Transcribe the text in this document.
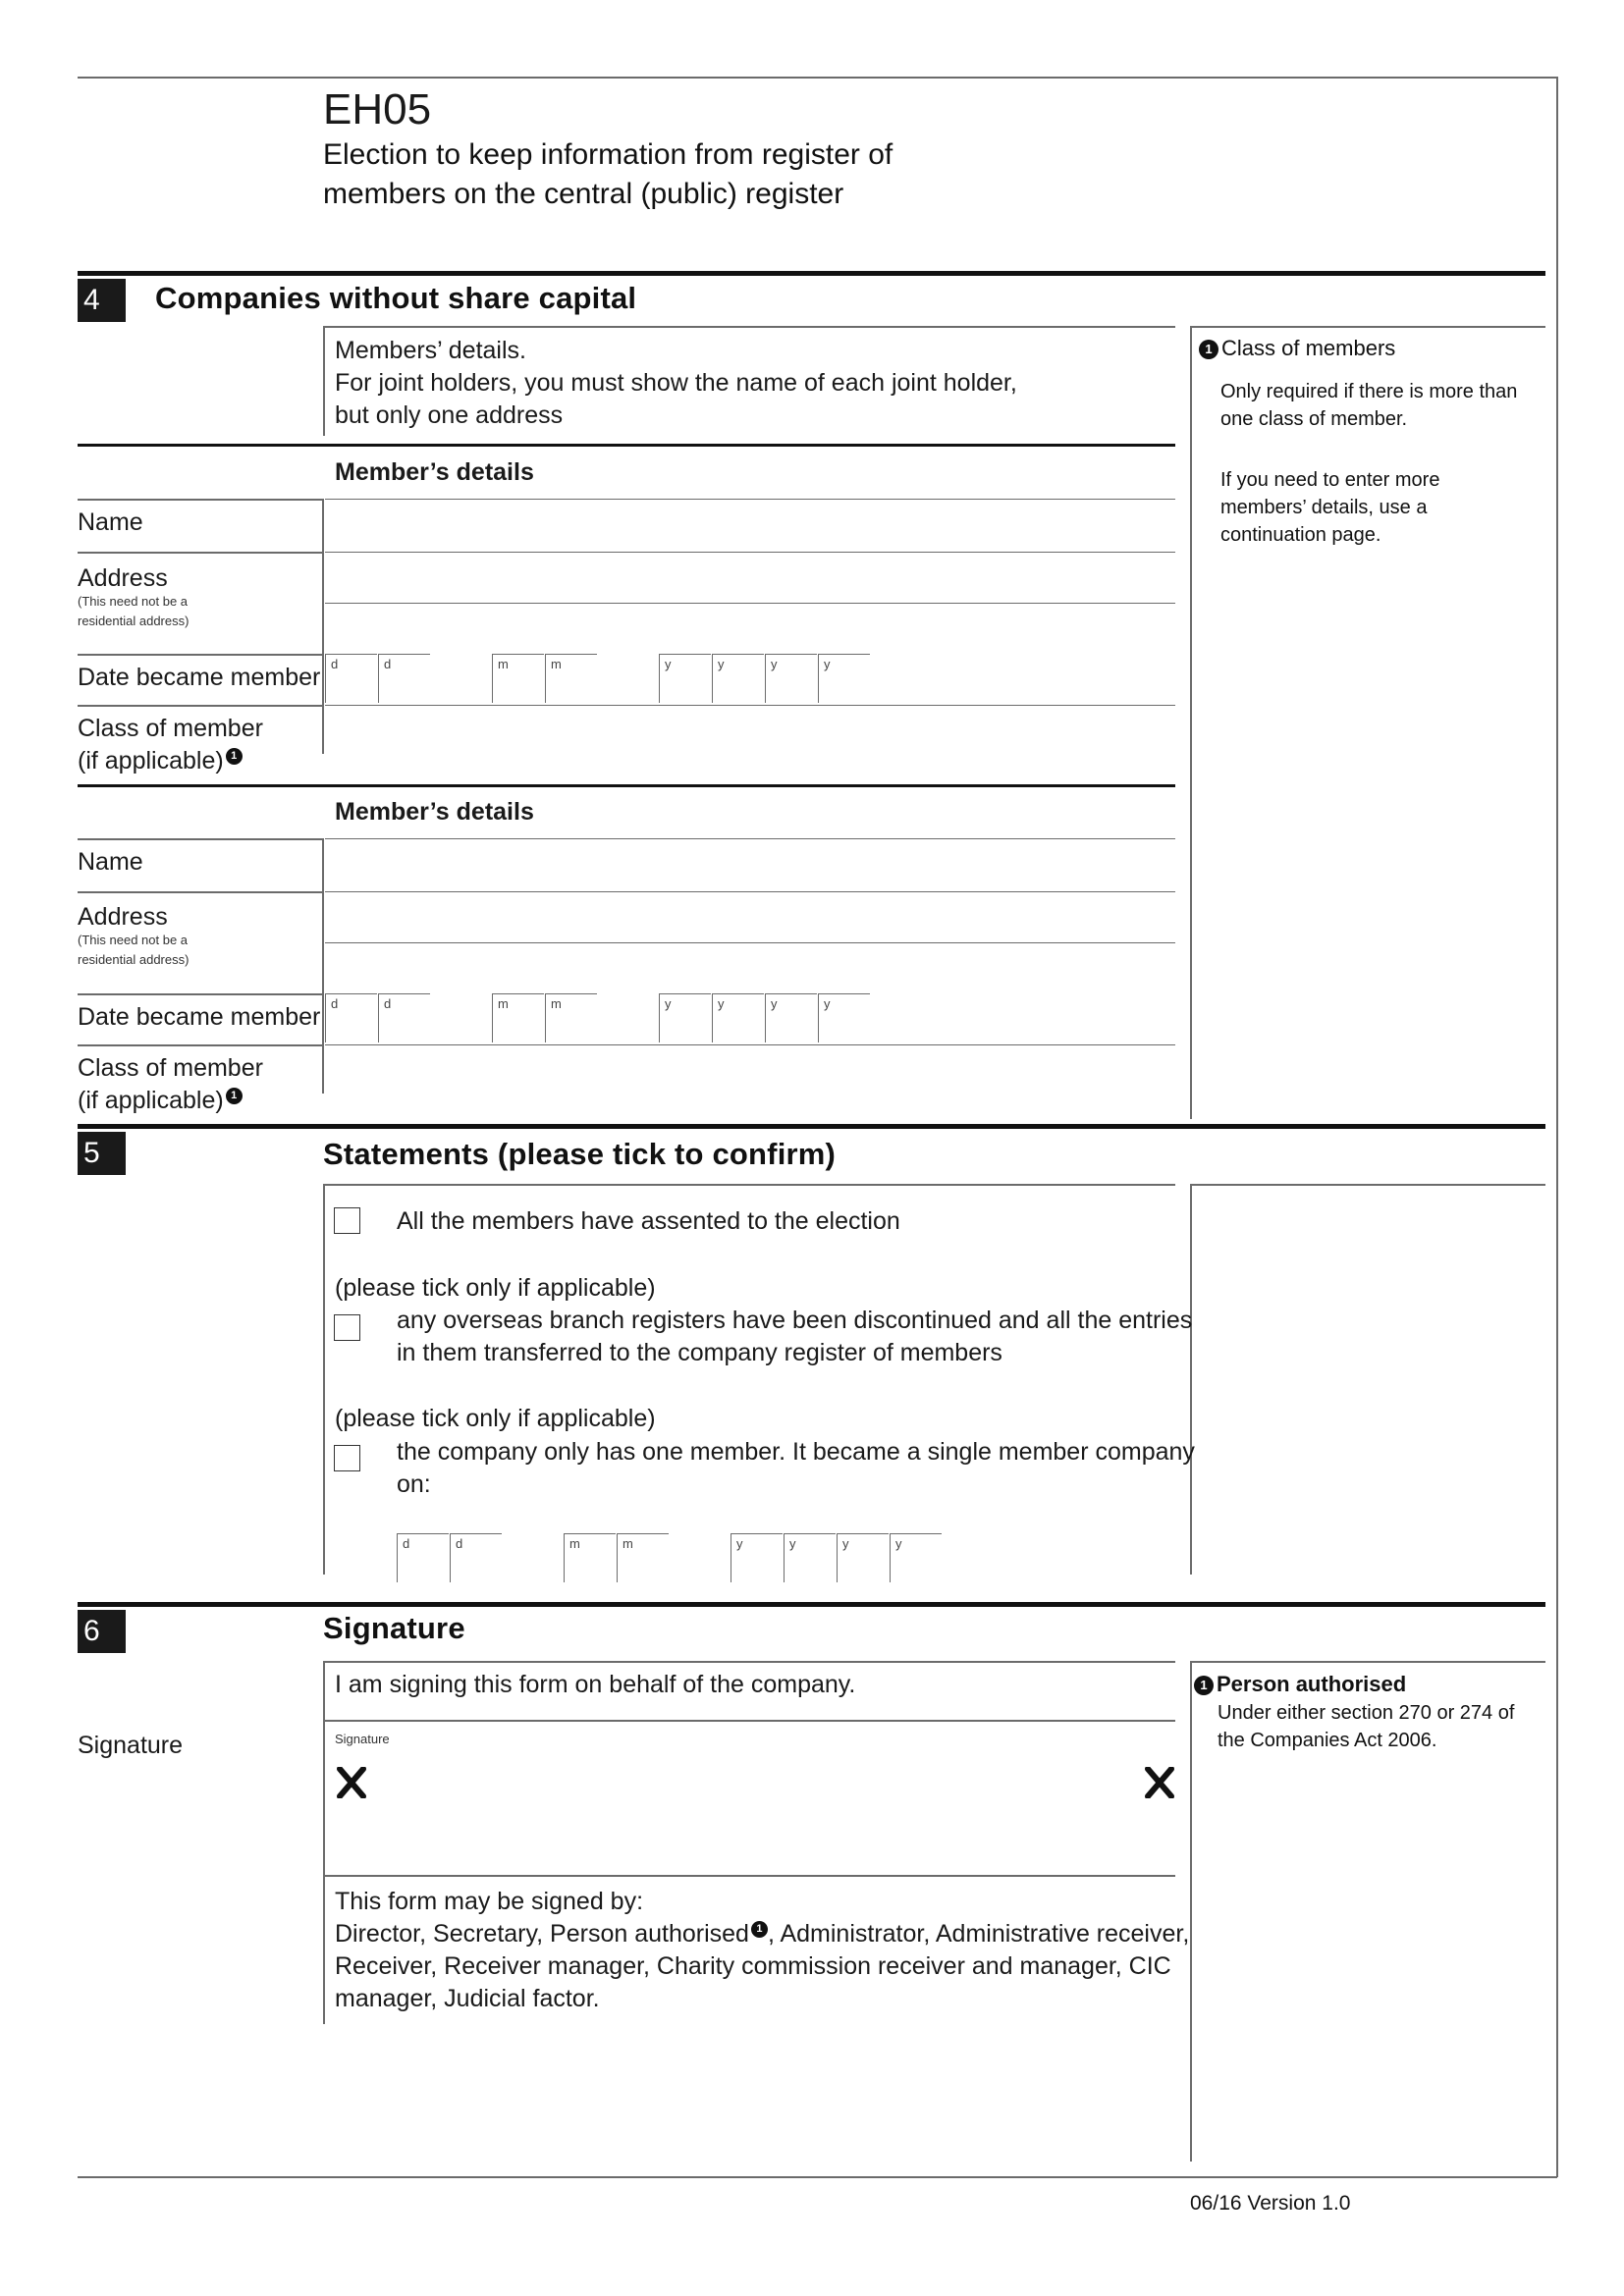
EH05
Election to keep information from register of
members on the central (public) register
4	Companies without share capital
1 Class of members
Only required if there is more than
one class of member.
If you need to enter more
members’ details, use a
continuation page.
Members’ details.
For joint holders, you must show the name of each joint holder,
but only one address
Member’s details
Name
Address
(This need not be a
residential address)
Date became member d	d	m	m	y	y	y	y
Class of member
(if applicable) 1
Member’s details
Name
Address
(This need not be a
residential address)
Date became member d	d	m	m	y	y	y	y
Class of member
(if applicable) 1
5	Statements (please tick to confirm)
All the members have assented to the election
(please tick only if applicable)
any overseas branch registers have been discontinued and all the entries
in them transferred to the company register of members
(please tick only if applicable)
the company only has one member. It became a single member company
on:
d	d	m	m	y	y	y	y
6	Signature
I am signing this form on behalf of the company.
Signature	Signature
This form may be signed by:
Director, Secretary, Person authorised 1 , Administrator, Administrative receiver,
Receiver, Receiver manager, Charity commission receiver and manager, CIC
manager, Judicial factor.
1 Person authorised
Under either section 270 or 274 of
the Companies Act 2006.
06/16 Version 1.0
